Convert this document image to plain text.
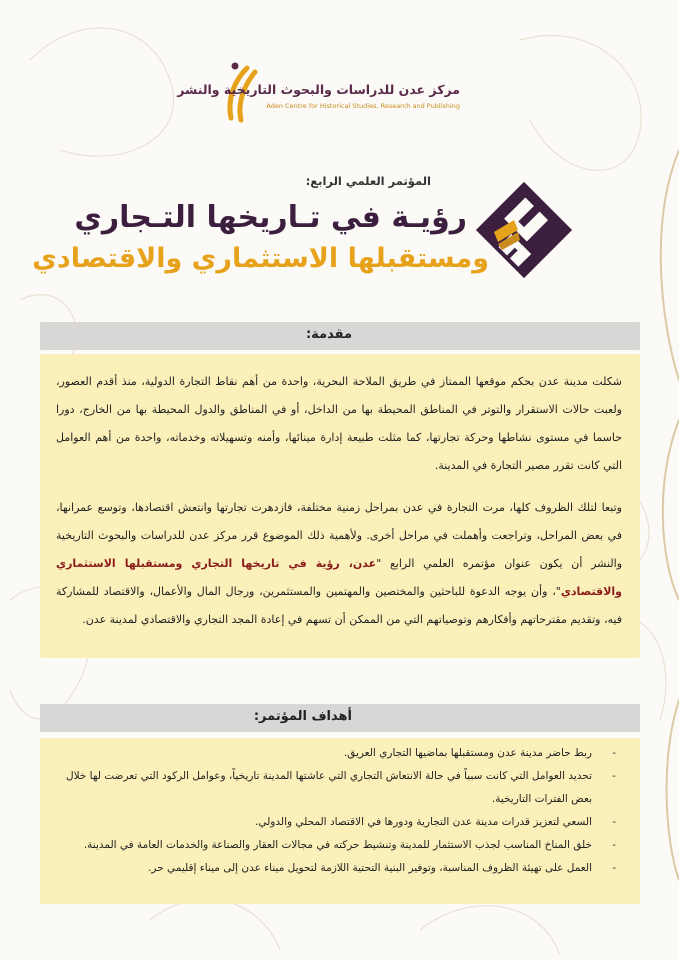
مركز عدن للدراسات والبحوث التاريخية والنشر
Aden Centre for Historical Studies, Research and Publishing
المؤتمر العلمي الرابع:
رؤيـة في تـاريخها التـجاري
ومستقبلها الاستثماري والاقتصادي
مقدمة:
شكلت مدينة عدن بحكم موقعها الممتاز في طريق الملاحة البحرية، واحدة من أهم نقاط التجارة الدولية، منذ أقدم العصور، ولعبت حالات الاستقرار والتوتر في المناطق المحيطة بها من الداخل، أو في المناطق والدول المحيطة بها من الخارج، دورا حاسما في مستوى نشاطها وحركة تجارتها، كما مثلت طبيعة إدارة مينائها، وأمنه وتسهيلاته وخدماته، واحدة من أهم العوامل التي كانت تقرر مصير التجارة في المدينة.
وتبعا لتلك الظروف كلها، مرت التجارة في عدن بمراحل زمنية مختلفة، فازدهرت تجارتها وانتعش اقتصادها، وتوسع عمرانها، في بعض المراحل، وتراجعت وأهملت في مراحل أخرى. ولأهمية ذلك الموضوع قرر مركز عدن للدراسات والبحوث التاريخية والنشر أن يكون عنوان مؤتمره العلمي الرابع "عدن، رؤية في تاريخها التجاري ومستقبلها الاستثماري والاقتصادي"، وأن يوجه الدعوة للباحثين والمختصين والمهتمين والمستثمرين، ورجال المال والأعمال، والاقتصاد للمشاركة فيه، وتقديم مقترحاتهم وأفكارهم وتوصياتهم التي من الممكن أن تسهم في إعادة المجد التجاري والاقتصادي لمدينة عدن.
أهداف المؤتمر:
- ربط حاضر مدينة عدن ومستقبلها بماضيها التجاري العريق.
- تحديد العوامل التي كانت سبباً في حالة الانتعاش التجاري التي عاشتها المدينة تاريخياً، وعوامل الركود التي تعرضت لها خلال بعض الفترات التاريخية.
- السعي لتعزيز قدرات مدينة عدن التجارية ودورها في الاقتصاد المحلي والدولي.
- خلق المناخ المناسب لجذب الاستثمار للمدينة وتنشيط حركته في مجالات العقار والصناعة والخدمات العامة في المدينة.
- العمل على تهيئة الظروف المناسبة، وتوفير البنية التحتية اللازمة لتحويل ميناء عدن إلى ميناء إقليمي حر.
